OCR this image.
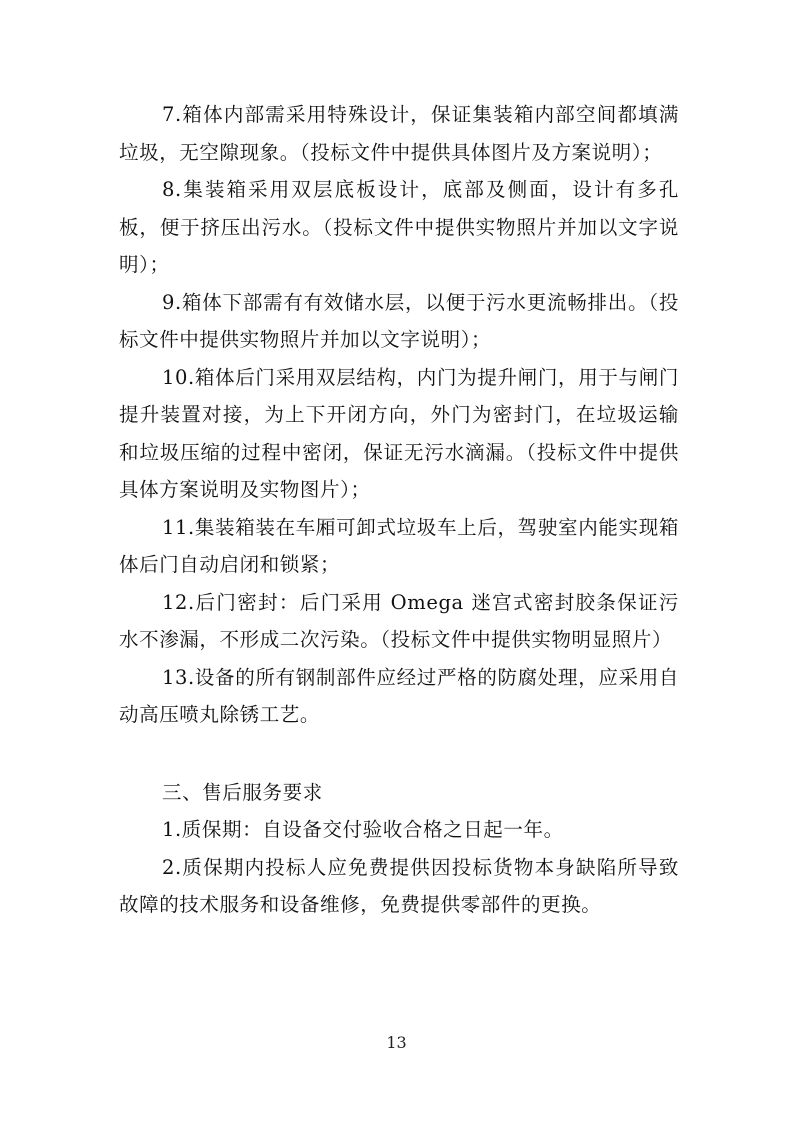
7.箱体内部需采用特殊设计，保证集装箱内部空间都填满垃圾，无空隙现象。（投标文件中提供具体图片及方案说明）；

8.集装箱采用双层底板设计，底部及侧面，设计有多孔板，便于挤压出污水。（投标文件中提供实物照片并加以文字说明）；

9.箱体下部需有有效储水层，以便于污水更流畅排出。（投标文件中提供实物照片并加以文字说明）；

10.箱体后门采用双层结构，内门为提升闸门，用于与闸门提升装置对接，为上下开闭方向，外门为密封门，在垃圾运输和垃圾压缩的过程中密闭，保证无污水滴漏。（投标文件中提供具体方案说明及实物图片）；

11.集装箱装在车厢可卸式垃圾车上后，驾驶室内能实现箱体后门自动启闭和锁紧；

12.后门密封：后门采用 Omega 迷宫式密封胶条保证污水不渗漏，不形成二次污染。（投标文件中提供实物明显照片）

13.设备的所有钢制部件应经过严格的防腐处理，应采用自动高压喷丸除锈工艺。

三、售后服务要求

1.质保期：自设备交付验收合格之日起一年。

2.质保期内投标人应免费提供因投标货物本身缺陷所导致故障的技术服务和设备维修，免费提供零部件的更换。

13
